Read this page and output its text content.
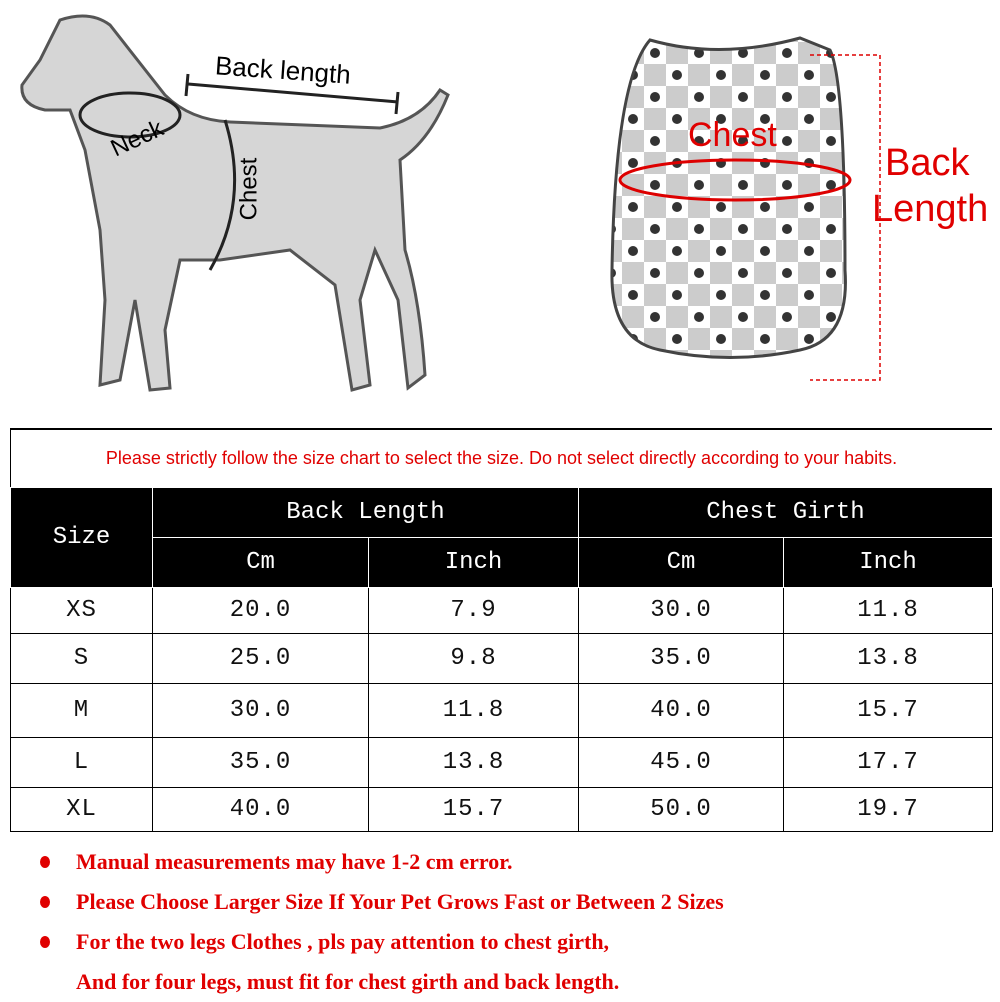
Back length
Neck
Chest
Chest
Back
Length
Please strictly follow the size chart to select the size. Do not select directly according to your habits.
Size	Back Length		Chest Girth	
	Cm	Inch	Cm	Inch
XS	20.0	7.9	30.0	11.8
S	25.0	9.8	35.0	13.8
M	30.0	11.8	40.0	15.7
L	35.0	13.8	45.0	17.7
XL	40.0	15.7	50.0	19.7
Manual measurements may have 1-2 cm error.
Please Choose Larger Size If Your Pet Grows Fast or Between 2 Sizes
For the two legs Clothes , pls pay attention to chest girth,
And for four legs, must fit for chest girth and back length.
